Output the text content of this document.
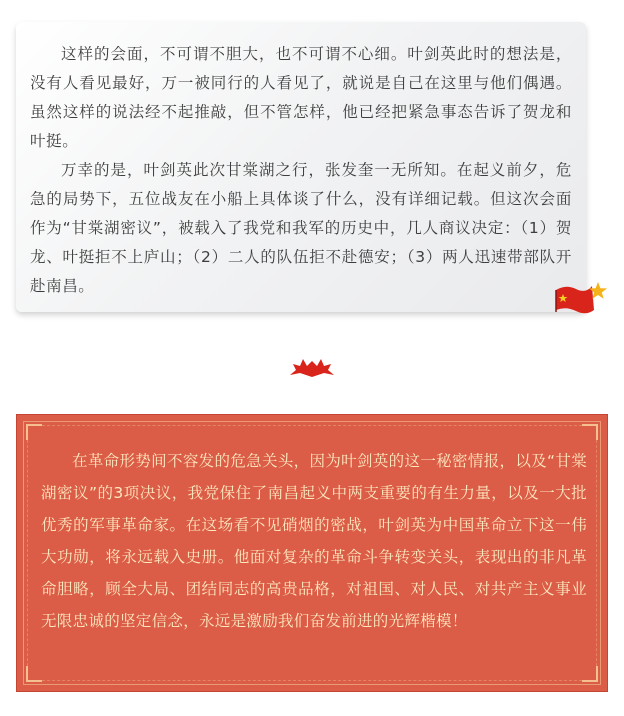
这样的会面，不可谓不胆大，也不可谓不心细。叶剑英此时的想法是，没有人看见最好，万一被同行的人看见了，就说是自己在这里与他们偶遇。虽然这样的说法经不起推敲，但不管怎样，他已经把紧急事态告诉了贺龙和叶挺。

万幸的是，叶剑英此次甘棠湖之行，张发奎一无所知。在起义前夕，危急的局势下，五位战友在小船上具体谈了什么，没有详细记载。但这次会面作为“甘棠湖密议”，被载入了我党和我军的历史中，几人商议决定：（1）贺龙、叶挺拒不上庐山；（2）二人的队伍拒不赴德安；（3）两人迅速带部队开赴南昌。

在革命形势间不容发的危急关头，因为叶剑英的这一秘密情报，以及“甘棠湖密议”的3项决议，我党保住了南昌起义中两支重要的有生力量，以及一大批优秀的军事革命家。在这场看不见硝烟的密战，叶剑英为中国革命立下这一伟大功勋，将永远载入史册。他面对复杂的革命斗争转变关头，表现出的非凡革命胆略，顾全大局、团结同志的高贵品格，对祖国、对人民、对共产主义事业无限忠诚的坚定信念，永远是激励我们奋发前进的光辉楷模！
